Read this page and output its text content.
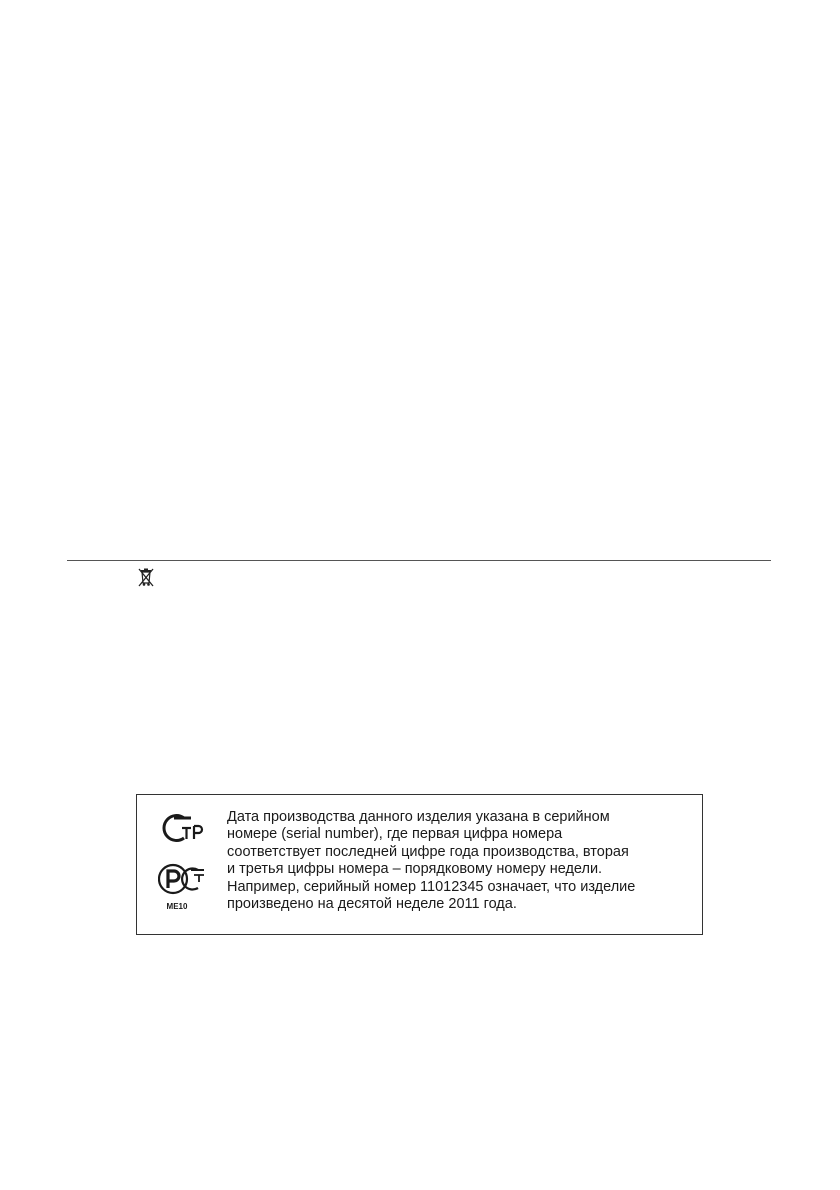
ME10
Дата производства данного изделия указана в серийном
номере (serial number), где первая цифра номера
соответствует последней цифре года производства, вторая
и третья цифры номера – порядковому номеру недели.
Например, серийный номер 11012345 означает, что изделие
произведено на десятой неделе 2011 года.
